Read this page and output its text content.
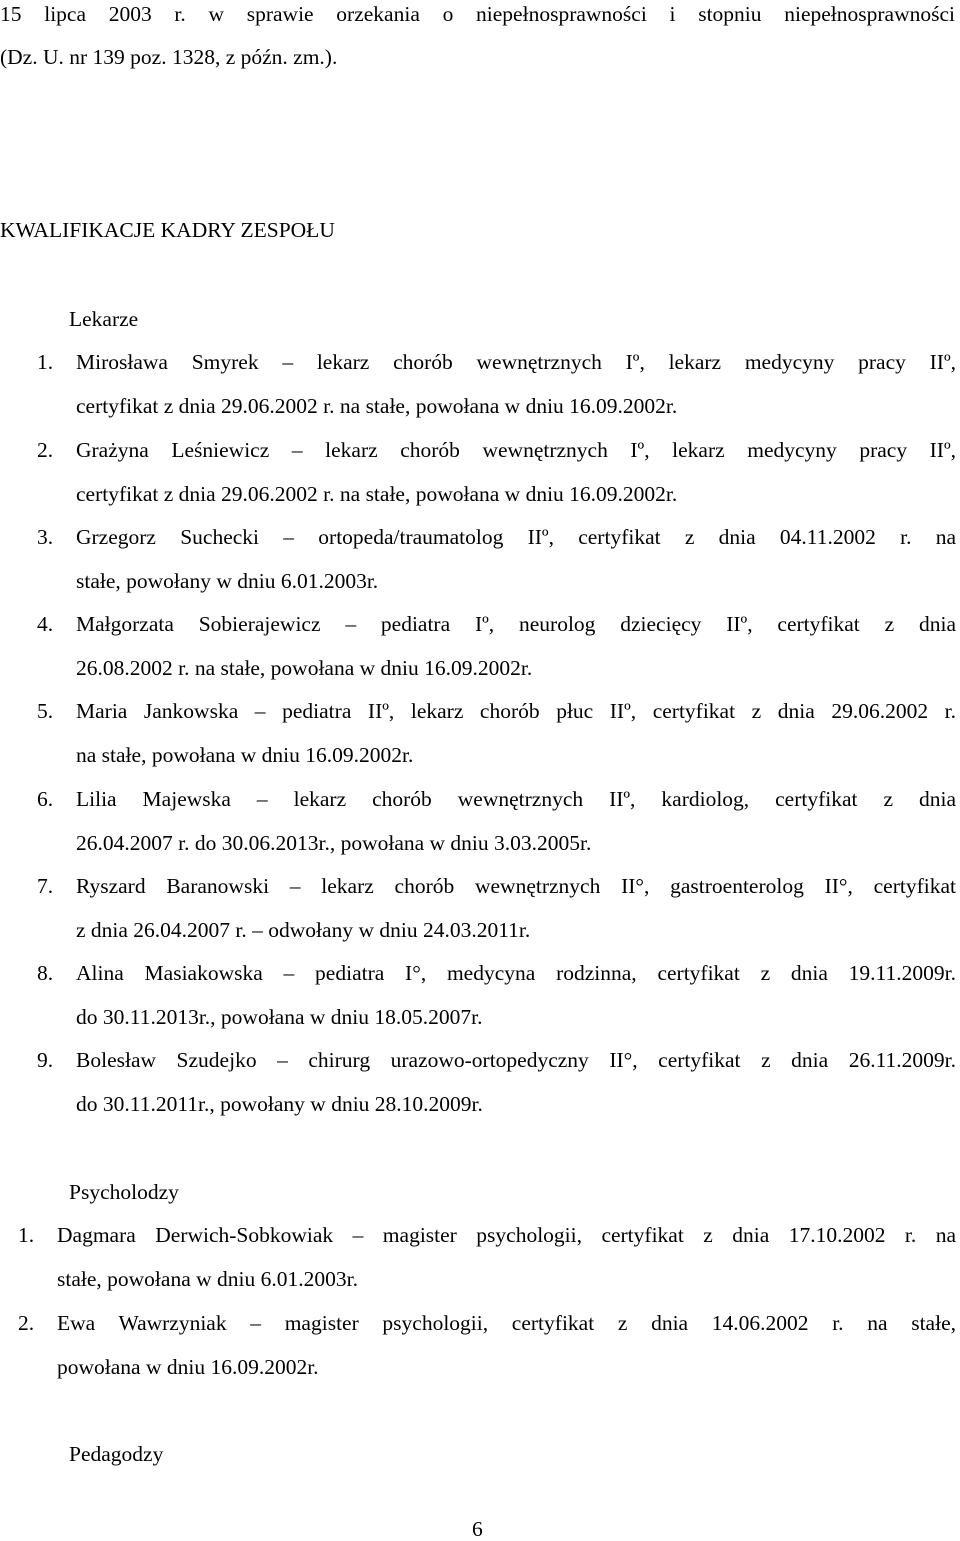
15 lipca 2003 r. w sprawie orzekania o niepełnosprawności i stopniu niepełnosprawności
(Dz. U. nr 139 poz. 1328, z późn. zm.).
KWALIFIKACJE KADRY ZESPOŁU
Lekarze
1. Mirosława Smyrek – lekarz chorób wewnętrznych Iº, lekarz medycyny pracy IIº,
certyfikat z dnia 29.06.2002 r. na stałe, powołana w dniu 16.09.2002r.
2. Grażyna Leśniewicz – lekarz chorób wewnętrznych Iº, lekarz medycyny pracy IIº,
certyfikat z dnia 29.06.2002 r. na stałe, powołana w dniu 16.09.2002r.
3. Grzegorz Suchecki – ortopeda/traumatolog IIº, certyfikat z dnia 04.11.2002 r. na
stałe, powołany w dniu 6.01.2003r.
4. Małgorzata Sobierajewicz – pediatra Iº, neurolog dziecięcy IIº, certyfikat z dnia
26.08.2002 r. na stałe, powołana w dniu 16.09.2002r.
5. Maria Jankowska – pediatra IIº, lekarz chorób płuc IIº, certyfikat z dnia 29.06.2002 r.
na stałe, powołana w dniu 16.09.2002r.
6. Lilia Majewska – lekarz chorób wewnętrznych IIº, kardiolog, certyfikat z dnia
26.04.2007 r. do 30.06.2013r., powołana w dniu 3.03.2005r.
7. Ryszard Baranowski – lekarz chorób wewnętrznych II°, gastroenterolog II°, certyfikat
z dnia 26.04.2007 r. – odwołany w dniu 24.03.2011r.
8. Alina Masiakowska – pediatra I°, medycyna rodzinna, certyfikat z dnia 19.11.2009r.
do 30.11.2013r., powołana w dniu 18.05.2007r.
9. Bolesław Szudejko – chirurg urazowo-ortopedyczny II°, certyfikat z dnia 26.11.2009r.
do 30.11.2011r., powołany w dniu 28.10.2009r.
Psycholodzy
1. Dagmara Derwich-Sobkowiak – magister psychologii, certyfikat z dnia 17.10.2002 r. na
stałe, powołana w dniu 6.01.2003r.
2. Ewa Wawrzyniak – magister psychologii, certyfikat z dnia 14.06.2002 r. na stałe,
powołana w dniu 16.09.2002r.
Pedagodzy
6
